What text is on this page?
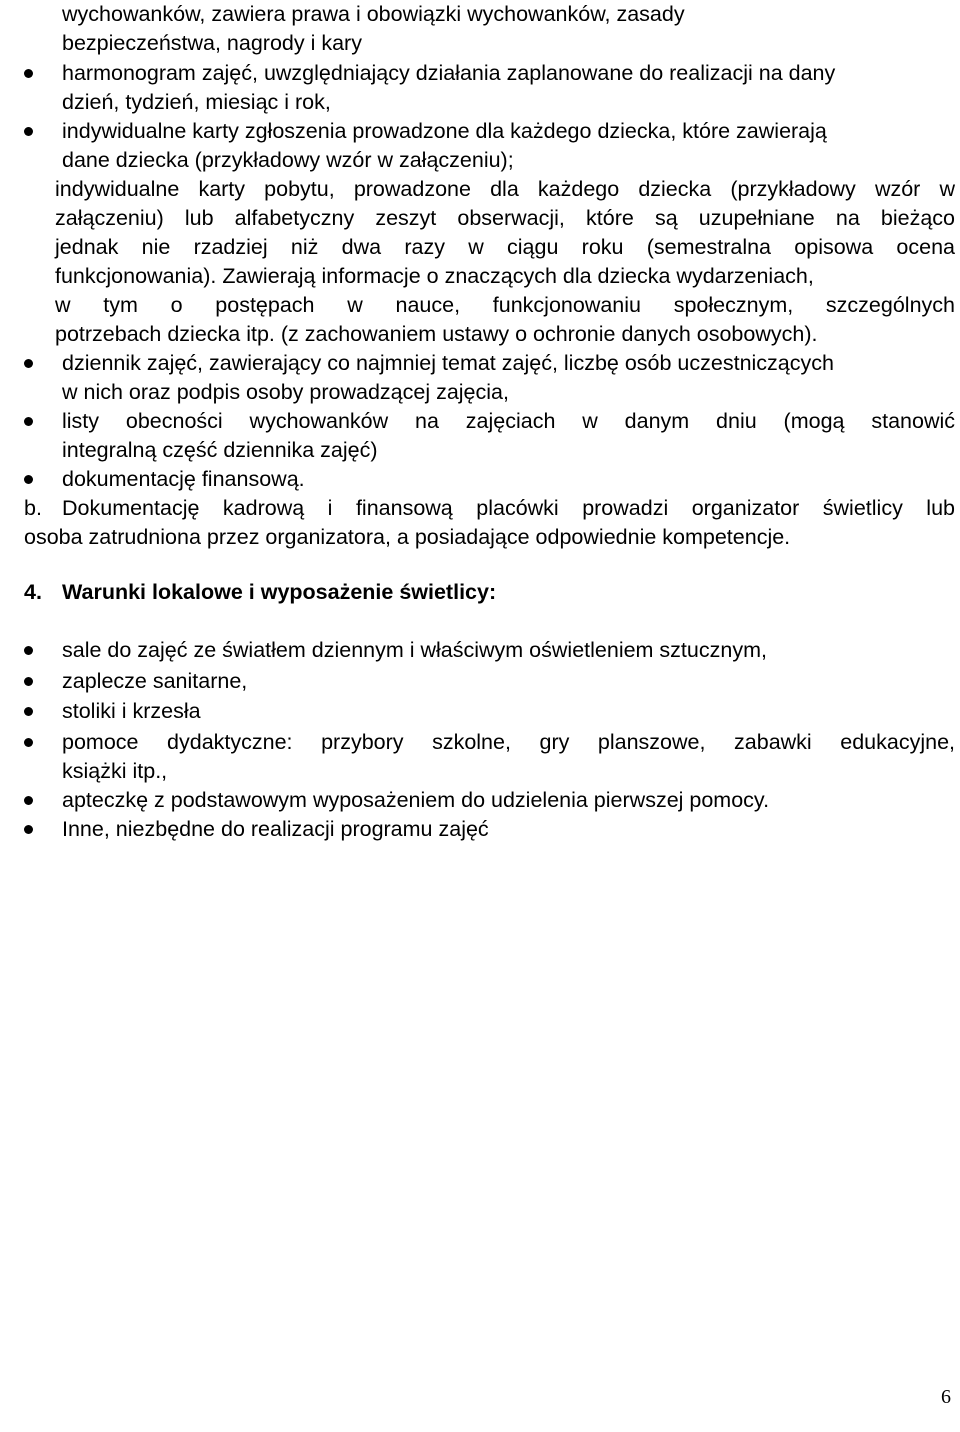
wychowanków, zawiera prawa i obowiązki wychowanków, zasady
bezpieczeństwa, nagrody i kary
harmonogram zajęć, uwzględniający działania zaplanowane do realizacji na dany
dzień, tydzień, miesiąc i rok,
indywidualne karty zgłoszenia prowadzone dla każdego dziecka, które zawierają
dane dziecka (przykładowy wzór w załączeniu);
indywidualne karty pobytu, prowadzone dla każdego dziecka (przykładowy wzór w
załączeniu) lub alfabetyczny zeszyt obserwacji, które są uzupełniane na bieżąco
jednak nie rzadziej niż dwa razy w ciągu roku (semestralna opisowa ocena
funkcjonowania). Zawierają informacje o znaczących dla dziecka wydarzeniach,
w tym o postępach w nauce, funkcjonowaniu społecznym, szczególnych
potrzebach dziecka itp. (z zachowaniem ustawy o ochronie danych osobowych).
dziennik zajęć, zawierający co najmniej temat zajęć, liczbę osób uczestniczących
w nich oraz podpis osoby prowadzącej zajęcia,
listy obecności wychowanków na zajęciach w danym dniu (mogą stanowić
integralną część dziennika zajęć)
dokumentację finansową.
b. Dokumentację kadrową i finansową placówki prowadzi organizator świetlicy lub
osoba zatrudniona przez organizatora, a posiadające odpowiednie kompetencje.
4. Warunki lokalowe i wyposażenie świetlicy:
sale do zajęć ze światłem dziennym i właściwym oświetleniem sztucznym,
zaplecze sanitarne,
stoliki i krzesła
pomoce dydaktyczne: przybory szkolne, gry planszowe, zabawki edukacyjne,
książki itp.,
apteczkę z podstawowym wyposażeniem do udzielenia pierwszej pomocy.
Inne, niezbędne do realizacji programu zajęć
6
